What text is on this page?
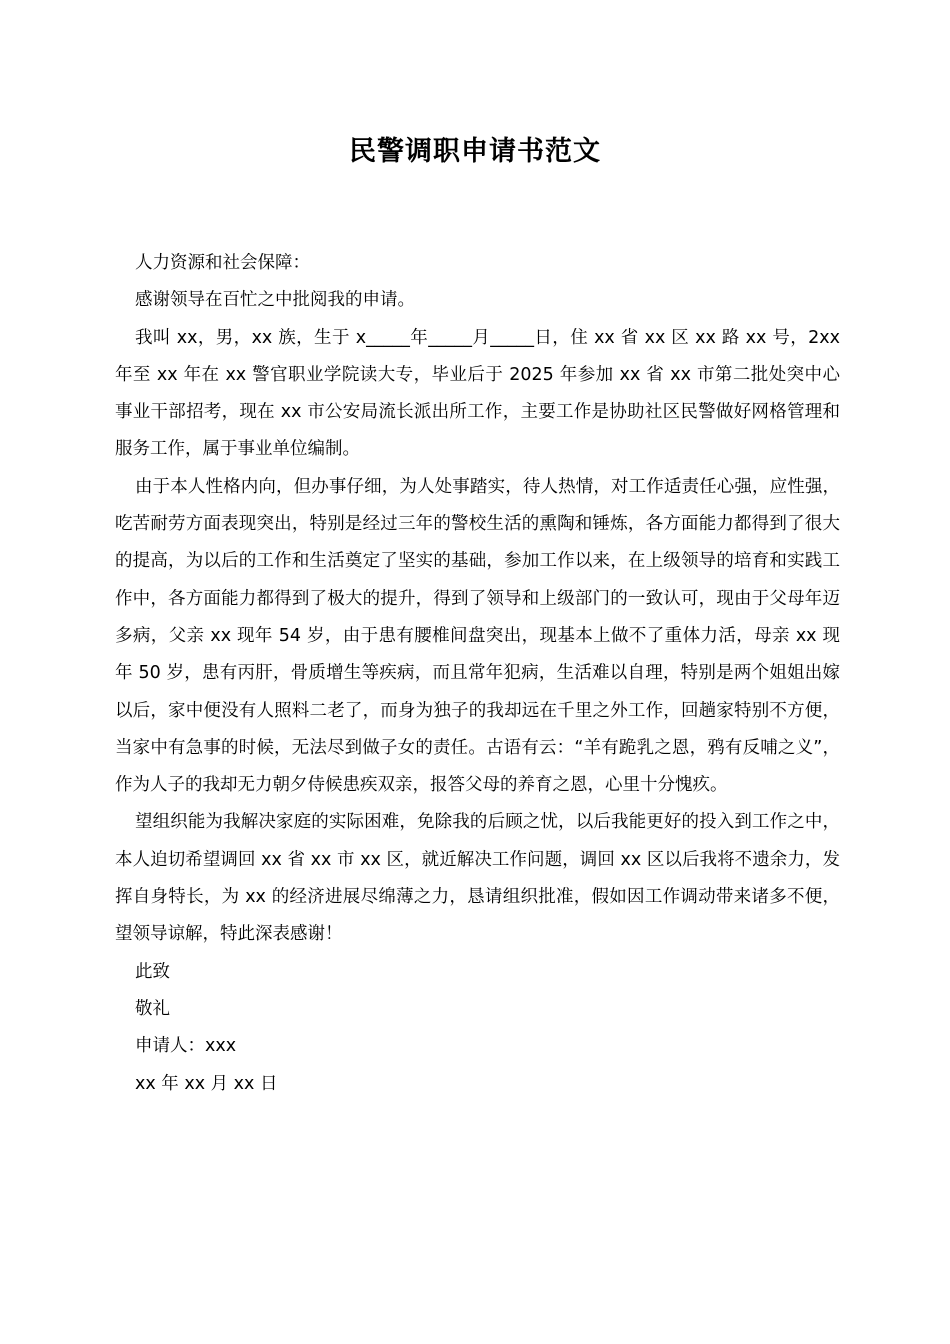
民警调职申请书范文

人力资源和社会保障：

感谢领导在百忙之中批阅我的申请。

我叫 xx，男，xx 族，生于 x_____年_____月_____日，住 xx 省 xx 区 xx 路 xx 号，2xx 年至 xx 年在 xx 警官职业学院读大专，毕业后于 2025 年参加 xx 省 xx 市第二批处突中心事业干部招考，现在 xx 市公安局流长派出所工作，主要工作是协助社区民警做好网格管理和服务工作，属于事业单位编制。

由于本人性格内向，但办事仔细，为人处事踏实，待人热情，对工作适责任心强，应性强，吃苦耐劳方面表现突出，特别是经过三年的警校生活的熏陶和锤炼，各方面能力都得到了很大的提高，为以后的工作和生活奠定了坚实的基础，参加工作以来，在上级领导的培育和实践工作中，各方面能力都得到了极大的提升，得到了领导和上级部门的一致认可，现由于父母年迈多病，父亲 xx 现年 54 岁，由于患有腰椎间盘突出，现基本上做不了重体力活，母亲 xx 现年 50 岁，患有丙肝，骨质增生等疾病，而且常年犯病，生活难以自理，特别是两个姐姐出嫁以后，家中便没有人照料二老了，而身为独子的我却远在千里之外工作，回趟家特别不方便，当家中有急事的时候，无法尽到做子女的责任。古语有云：“羊有跪乳之恩，鸦有反哺之义”，作为人子的我却无力朝夕侍候患疾双亲，报答父母的养育之恩，心里十分愧疚。

望组织能为我解决家庭的实际困难，免除我的后顾之忧，以后我能更好的投入到工作之中，本人迫切希望调回 xx 省 xx 市 xx 区，就近解决工作问题，调回 xx 区以后我将不遗余力，发挥自身特长，为 xx 的经济进展尽绵薄之力，恳请组织批准，假如因工作调动带来诸多不便，望领导谅解，特此深表感谢！

此致

敬礼

申请人：xxx

xx 年 xx 月 xx 日
